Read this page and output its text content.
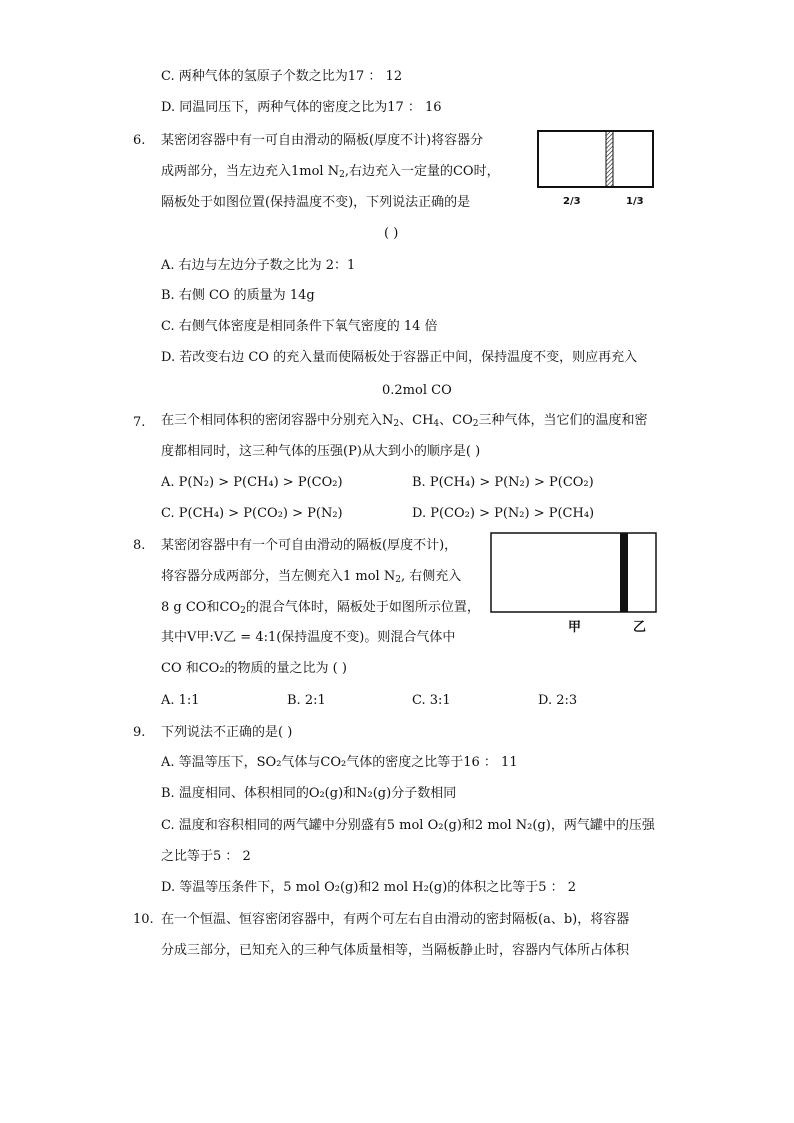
C. 两种气体的氢原子个数之比为17 ： 12
D. 同温同压下，两种气体的密度之比为17 ： 16
6. 某密闭容器中有一可自由滑动的隔板(厚度不计)将容器分
成两部分，当左边充入1mol $N_2$,右边充入一定量的CO时，
隔板处于如图位置(保持温度不变)，下列说法正确的是
( )
2/3	1/3
A. 右边与左边分子数之比为 2：1
B. 右侧 CO 的质量为 14g
C. 右侧气体密度是相同条件下氧气密度的 14 倍
D. 若改变右边 CO 的充入量而使隔板处于容器正中间，保持温度不变，则应再充入
0.2mol CO
7. 在三个相同体积的密闭容器中分别充入$N_2$、$CH_4$、$CO_2$三种气体，当它们的温度和密
度都相同时，这三种气体的压强(P)从大到小的顺序是( )
A. P(N₂) > P(CH₄) > P(CO₂)	B. P(CH₄) > P(N₂) > P(CO₂)
C. P(CH₄) > P(CO₂) > P(N₂)	D. P(CO₂) > P(N₂) > P(CH₄)
8. 某密闭容器中有一个可自由滑动的隔板(厚度不计)，
将容器分成两部分，当左侧充入1 mol $N_2$, 右侧充入
8 g CO和$CO_2$的混合气体时，隔板处于如图所示位置，
其中V甲:V乙 = 4:1(保持温度不变)。则混合气体中
CO 和CO₂的物质的量之比为 ( )
甲	乙
A. 1:1	B. 2:1	C. 3:1	D. 2:3
9. 下列说法不正确的是( )
A. 等温等压下，SO₂气体与CO₂气体的密度之比等于16 ： 11
B. 温度相同、体积相同的O₂(g)和N₂(g)分子数相同
C. 温度和容积相同的两气罐中分别盛有5 mol O₂(g)和2 mol N₂(g)，两气罐中的压强
之比等于5 ： 2
D. 等温等压条件下，5 mol O₂(g)和2 mol H₂(g)的体积之比等于5 ： 2
10. 在一个恒温、恒容密闭容器中，有两个可左右自由滑动的密封隔板(a、b)，将容器
分成三部分，已知充入的三种气体质量相等，当隔板静止时，容器内气体所占体积
